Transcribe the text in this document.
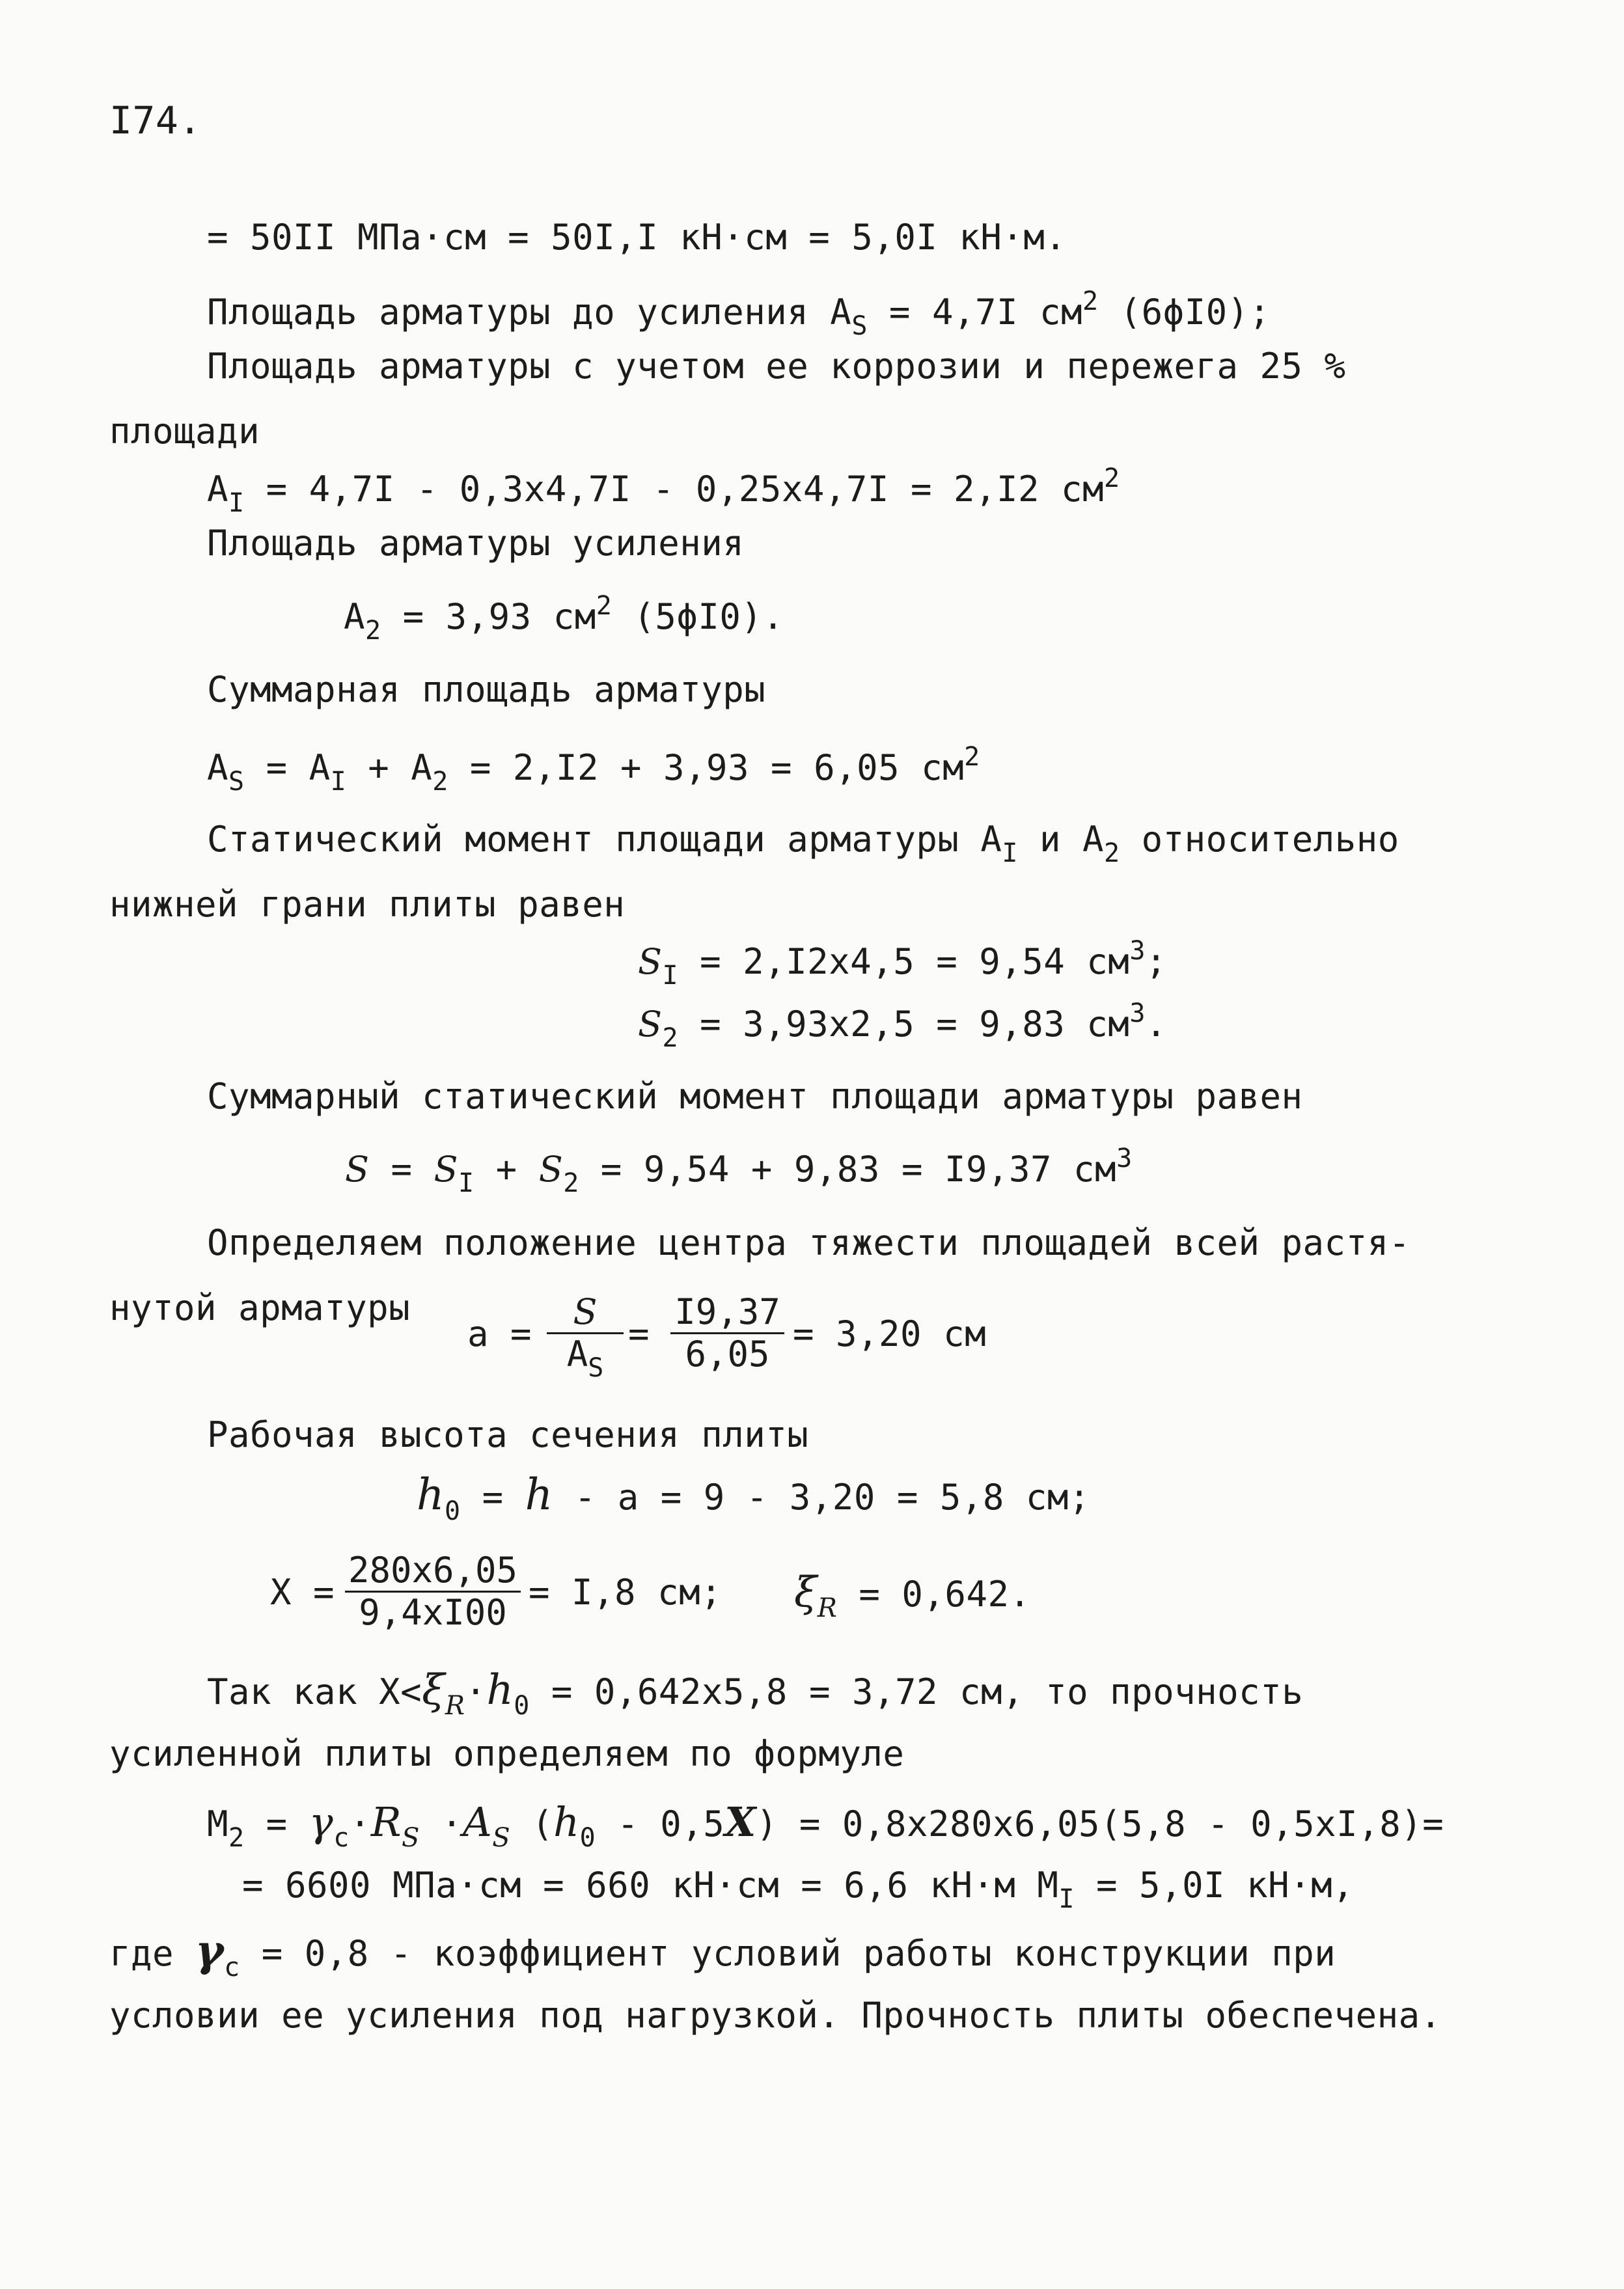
I74.
= 50II MПa·cм = 50I,I кH·cм = 5,0I кH·м.
Площадь арматуры до усиления $A_S = 4,7I$ $см^2$ (6ϕI0);
Площадь арматуры с учетом ее коррозии и пережега 25 %
площади
$A_I = 4,7I - 0,3x4,7I - 0,25x4,7I = 2,I2$ $см^2$
Площадь арматуры усиления
$A_2 = 3,93$ $см^2$ (5ϕI0).
Суммарная площадь арматуры
$A_S = A_I + A_2 = 2,I2 + 3,93 = 6,05$ $см^2$
Статический момент площади арматуры $A_I$ и $A_2$ относительно
нижней грани плиты равен
$S_I = 2,I2x4,5 = 9,54$ $см^3$;
$S_2 = 3,93x2,5 = 9,83$ $см^3$.
Суммарный статический момент площади арматуры равен
$S = S_I + S_2 = 9,54 + 9,83 = I9,37$ $см^3$
Определяем положение центра тяжести площадей всей растя-
нутой арматуры
$a = \frac{S}{A_S} = \frac{I9,37}{6,05} = 3,20$ см
Рабочая высота сечения плиты
$h_0 = h - a = 9 - 3,20 = 5,8$ см;
$X = \frac{280x6,05}{9,4xI00} = I,8$ см; $\xi_R = 0,642$.
Так как $X<\xi_R\cdot h_0 = 0,642x5,8 = 3,72$ см, то прочность
усиленной плиты определяем по формуле
$M_2 = \gamma_c\cdot R_S \cdot A_S$ $(h_0 - 0,5X) = 0,8x280x6,05(5,8 - 0,5xI,8)=$
= 6600 MПa·cм = 660 кH·cм = 6,6 кH·м $M_I = 5,0I$ кH·м,
где $\gamma_c = 0,8$ - коэффициент условий работы конструкции при
условии ее усиления под нагрузкой. Прочность плиты обеспечена.
